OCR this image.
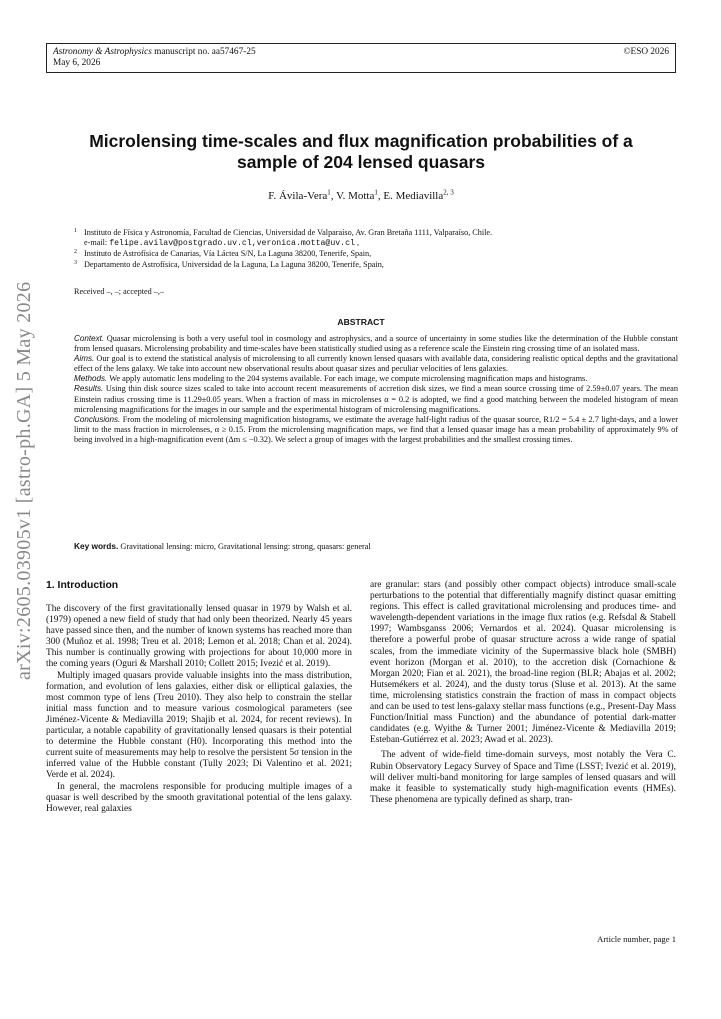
Astronomy & Astrophysics manuscript no. aa57467-25
May 6, 2026
©ESO 2026
arXiv:2605.03905v1 [astro-ph.GA] 5 May 2026
Microlensing time-scales and flux magnification probabilities of a
sample of 204 lensed quasars
F. Ávila-Vera$^1$, V. Motta$^1$, E. Mediavilla$^{2, 3}$
1 Instituto de Física y Astronomía, Facultad de Ciencias, Universidad de Valparaíso, Av. Gran Bretaña 1111, Valparaíso, Chile.
e-mail: felipe.avilav@postgrado.uv.cl,veronica.motta@uv.cl ,
2 Instituto de Astrofísica de Canarias, Vía Láctea S/N, La Laguna 38200, Tenerife, Spain,
3 Departamento de Astrofísica, Universidad de la Laguna, La Laguna 38200, Tenerife, Spain,
Received –, –; accepted –,–
ABSTRACT

Context. Quasar microlensing is both a very useful tool in cosmology and astrophysics, and a source of uncertainty in some studies like the determination of the Hubble constant from lensed quasars. Microlensing probability and time-scales have been statistically studied using as a reference scale the Einstein ring crossing time of an isolated mass.

Aims. Our goal is to extend the statistical analysis of microlensing to all currently known lensed quasars with available data, considering realistic optical depths and the gravitational effect of the lens galaxy. We take into account new observational results about quasar sizes and peculiar velocities of lens galaxies.

Methods. We apply automatic lens modeling to the 204 systems available. For each image, we compute microlensing magnification maps and histograms.

Results. Using thin disk source sizes scaled to take into account recent measurements of accretion disk sizes, we find a mean source crossing time of 2.59±0.07 years. The mean Einstein radius crossing time is 11.29±0.05 years. When a fraction of mass in microlenses α = 0.2 is adopted, we find a good matching between the modeled histogram of mean microlensing magnifications for the images in our sample and the experimental histogram of microlensing magnifications.

Conclusions. From the modeling of microlensing magnification histograms, we estimate the average half-light radius of the quasar source, R1/2 = 5.4 ± 2.7 light-days, and a lower limit to the mass fraction in microlenses, α ≥ 0.15. From the microlensing magnification maps, we find that a lensed quasar image has a mean probability of approximately 9% of being involved in a high-magnification event (Δm ≤ −0.32). We select a group of images with the largest probabilities and the smallest crossing times.

Key words. Gravitational lensing: micro, Gravitational lensing: strong, quasars: general
1. Introduction

The discovery of the first gravitationally lensed quasar in 1979 by Walsh et al. (1979) opened a new field of study that had only been theorized. Nearly 45 years have passed since then, and the number of known systems has reached more than 300 (Muñoz et al. 1998; Treu et al. 2018; Lemon et al. 2018; Chan et al. 2024). This number is continually growing with projections for about 10,000 more in the coming years (Oguri & Marshall 2010; Collett 2015; Ivezić et al. 2019).

Multiply imaged quasars provide valuable insights into the mass distribution, formation, and evolution of lens galaxies, either disk or elliptical galaxies, the most common type of lens (Treu 2010). They also help to constrain the stellar initial mass function and to measure various cosmological parameters (see Jiménez-Vicente & Mediavilla 2019; Shajib et al. 2024, for recent reviews). In particular, a notable capability of gravitationally lensed quasars is their potential to determine the Hubble constant (H0). Incorporating this method into the current suite of measurements may help to resolve the persistent 5σ tension in the inferred value of the Hubble constant (Tully 2023; Di Valentino et al. 2021; Verde et al. 2024).

In general, the macrolens responsible for producing multiple images of a quasar is well described by the smooth gravitational potential of the lens galaxy. However, real galaxies

are granular: stars (and possibly other compact objects) introduce small-scale perturbations to the potential that differentially magnify distinct quasar emitting regions. This effect is called gravitational microlensing and produces time- and wavelength-dependent variations in the image flux ratios (e.g. Refsdal & Stabell 1997; Wambsganss 2006; Vernardos et al. 2024). Quasar microlensing is therefore a powerful probe of quasar structure across a wide range of spatial scales, from the immediate vicinity of the Supermassive black hole (SMBH) event horizon (Morgan et al. 2010), to the accretion disk (Cornachione & Morgan 2020; Fian et al. 2021), the broad-line region (BLR; Abajas et al. 2002; Hutsemékers et al. 2024), and the dusty torus (Sluse et al. 2013). At the same time, microlensing statistics constrain the fraction of mass in compact objects and can be used to test lens-galaxy stellar mass functions (e.g., Present-Day Mass Function/Initial mass Function) and the abundance of potential dark-matter candidates (e.g. Wyithe & Turner 2001; Jiménez-Vicente & Mediavilla 2019; Esteban-Gutiérrez et al. 2023; Awad et al. 2023).

The advent of wide-field time-domain surveys, most notably the Vera C. Rubin Observatory Legacy Survey of Space and Time (LSST; Ivezić et al. 2019), will deliver multi-band monitoring for large samples of lensed quasars and will make it feasible to systematically study high-magnification events (HMEs). These phenomena are typically defined as sharp, tran-

Article number, page 1
